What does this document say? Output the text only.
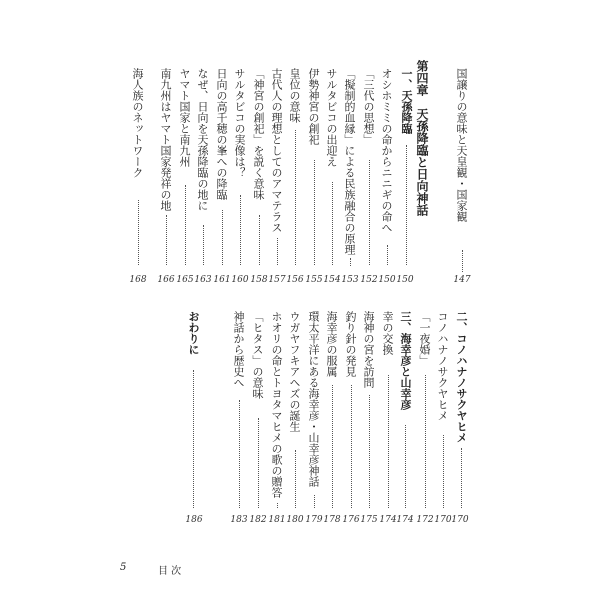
国譲りの意味と天皇観・国家観
147
第四章　天孫降臨と日向神話
一、天孫降臨
150
オシホミミの命からニニギの命へ
150
「三代の思想」
152
「擬制的血縁」による民族融合の原理
153
サルタビコの出迎え
154
伊勢神宮の創祀
155
皇位の意味
156
古代人の理想としてのアマテラス
157
「神宮の創祀」を説く意味
158
サルタビコの実像は？
160
日向の高千穂の峯への降臨
161
なぜ、日向を天孫降臨の地に
163
ヤマト国家と南九州
165
南九州はヤマト国家発祥の地
166
海人族のネットワーク
168
二、コノハナノサクヤヒメ
170
コノハナノサクヤヒメ
170
「一夜婚」
172
三、海幸彦と山幸彦
174
幸の交換
174
海神の宮を訪問
175
釣り針の発見
176
海幸彦の服属
178
環太平洋にある海幸彦・山幸彦神話
179
ウガヤフキアヘズの誕生
180
ホオリの命とトヨタマヒメの歌の贈答
181
「ヒタス」の意味
182
神話から歴史へ
183
おわりに
186
5	目 次
